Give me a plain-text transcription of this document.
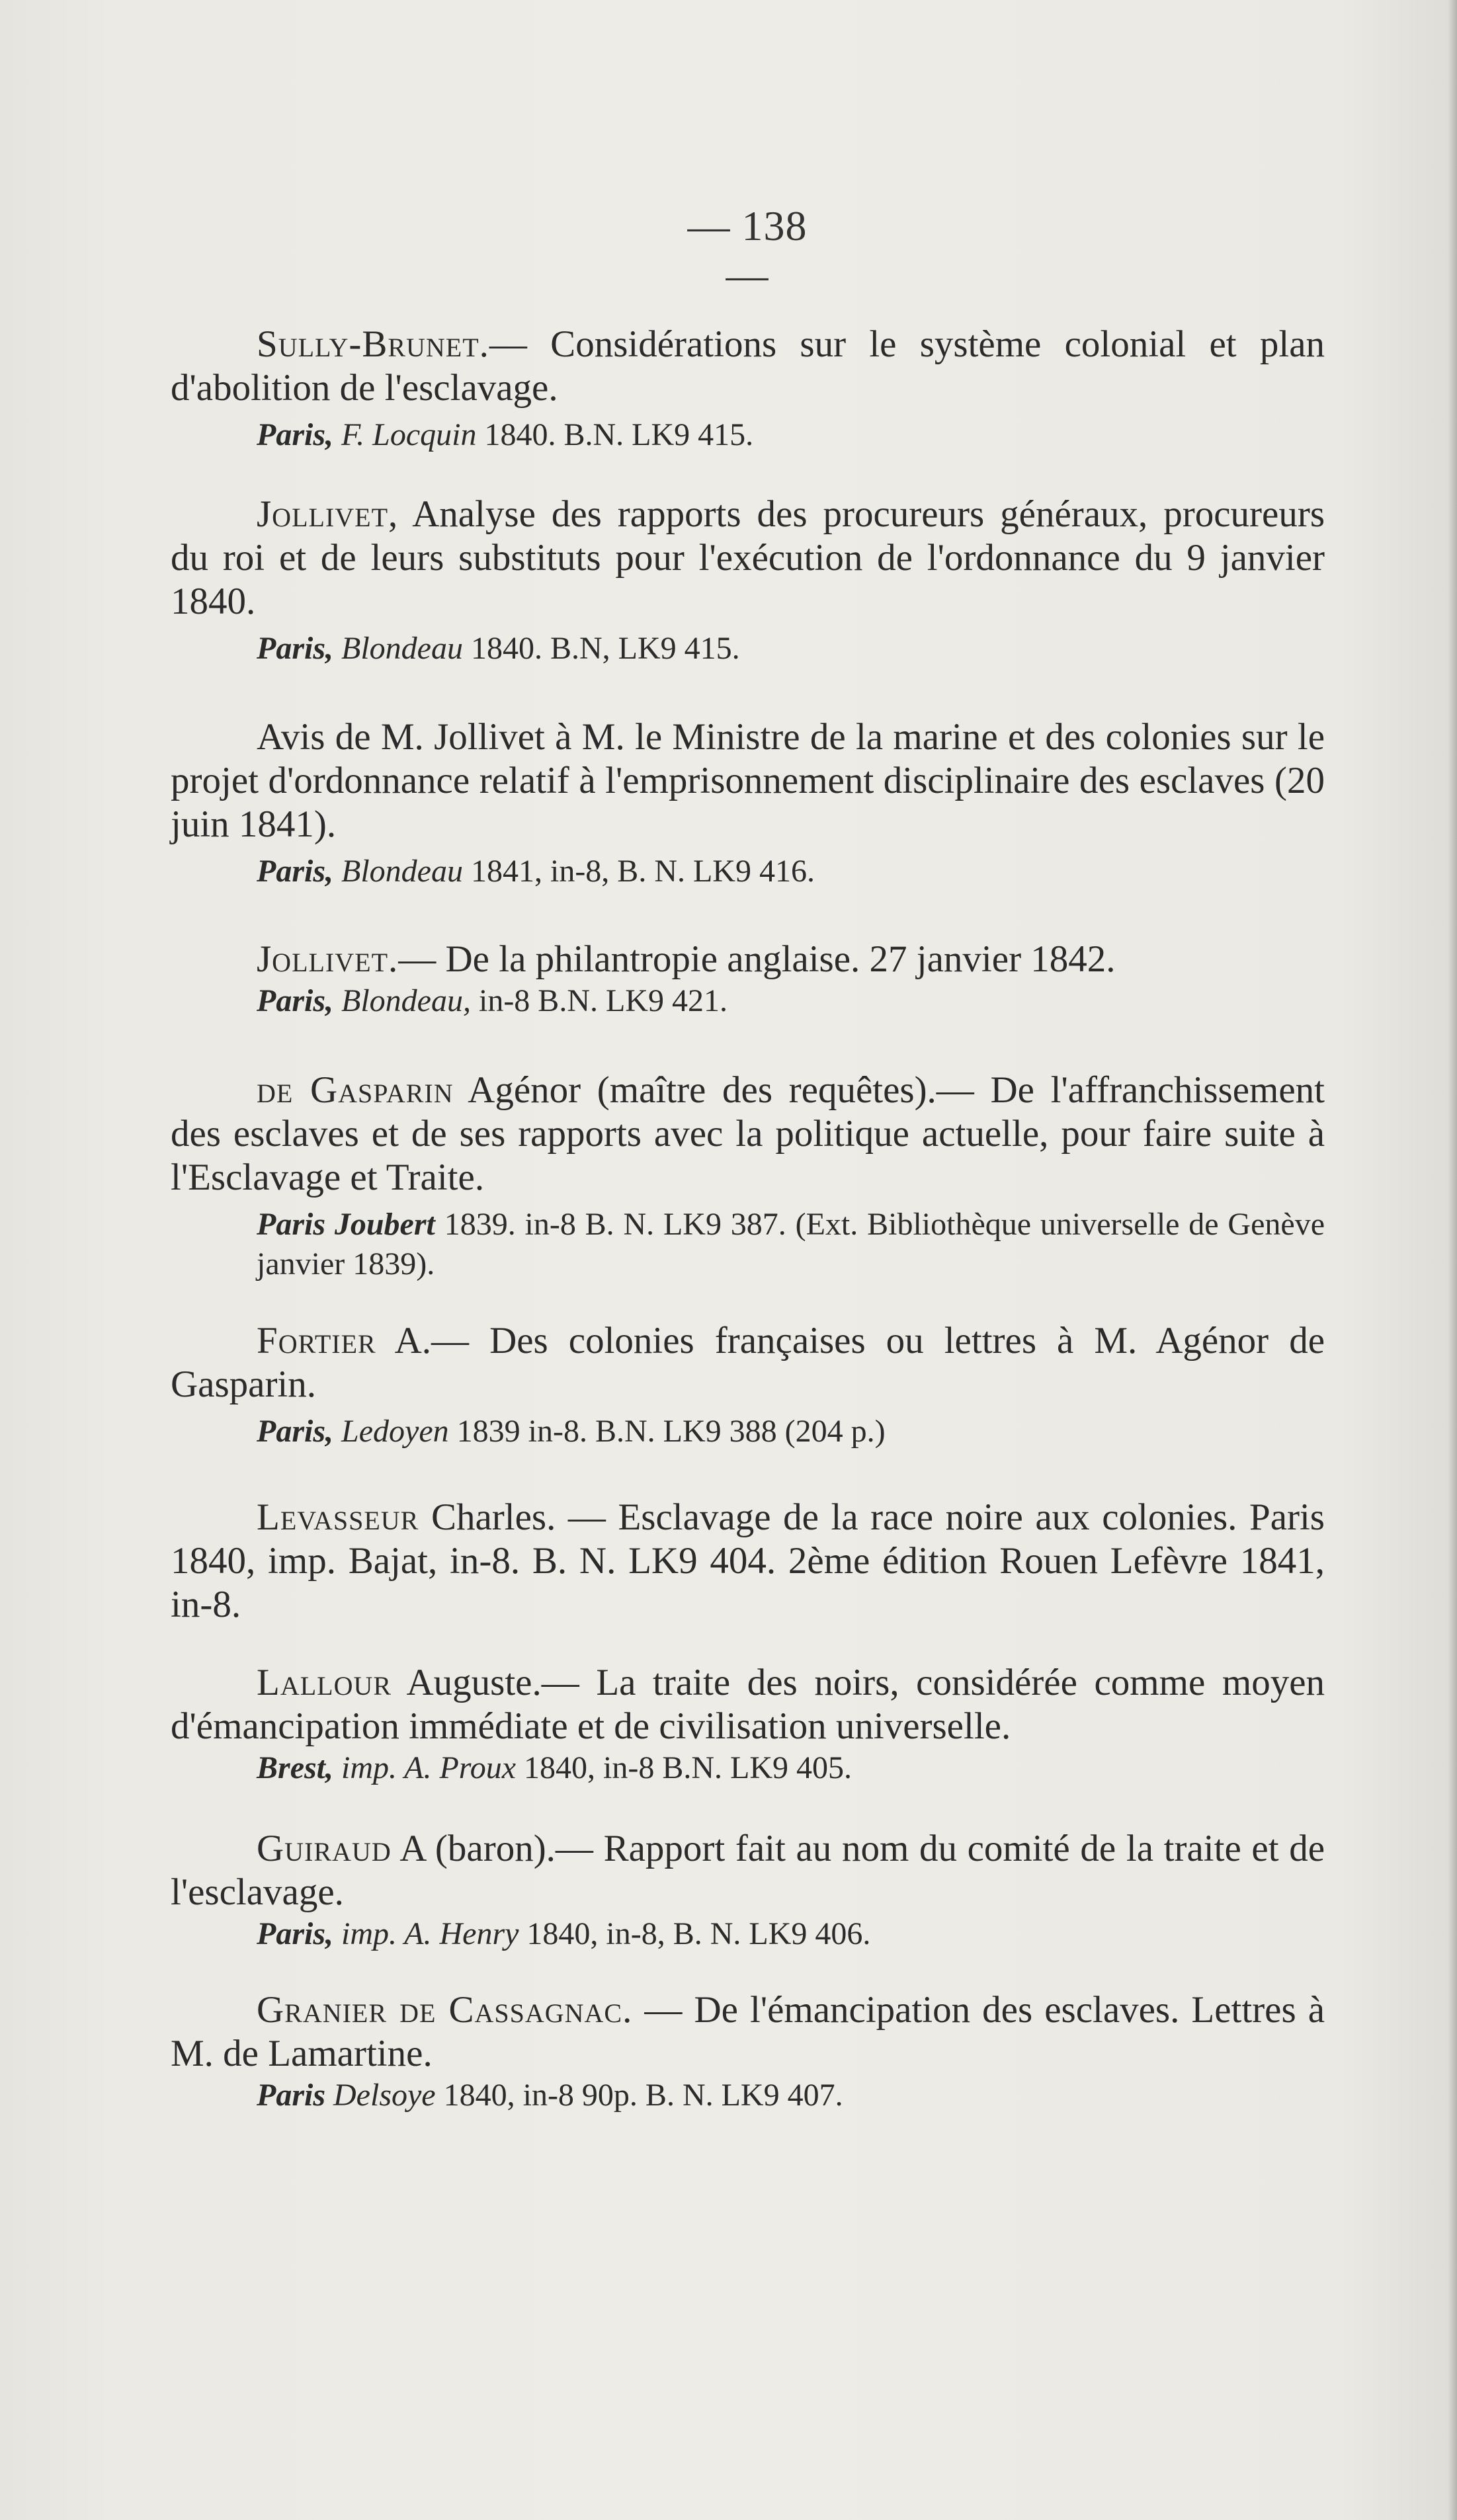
— 138 —
Sully-Brunet.— Considérations sur le système colonial et plan d'abolition de l'esclavage.
Paris, F. Locquin 1840. B.N. LK9 415.
Jollivet, Analyse des rapports des procureurs généraux, procureurs du roi et de leurs substituts pour l'exécution de l'ordonnance du 9 janvier 1840.
Paris, Blondeau 1840. B.N, LK9 415.
Avis de M. Jollivet à M. le Ministre de la marine et des colonies sur le projet d'ordonnance relatif à l'emprisonnement disciplinaire des esclaves (20 juin 1841).
Paris, Blondeau 1841, in-8, B. N. LK9 416.
Jollivet.— De la philantropie anglaise. 27 janvier 1842.
Paris, Blondeau, in-8 B.N. LK9 421.
de Gasparin Agénor (maître des requêtes).— De l'affranchissement des esclaves et de ses rapports avec la politique actuelle, pour faire suite à l'Esclavage et Traite.
Paris Joubert 1839. in-8 B. N. LK9 387. (Ext. Bibliothèque universelle de Genève janvier 1839).
Fortier A.— Des colonies françaises ou lettres à M. Agénor de Gasparin.
Paris, Ledoyen 1839 in-8. B.N. LK9 388 (204 p.)
Levasseur Charles. — Esclavage de la race noire aux colonies. Paris 1840, imp. Bajat, in-8. B. N. LK9 404. 2ème édition Rouen Lefèvre 1841, in-8.
Lallour Auguste.— La traite des noirs, considérée comme moyen d'émancipation immédiate et de civilisation universelle.
Brest, imp. A. Proux 1840, in-8 B.N. LK9 405.
Guiraud A (baron).— Rapport fait au nom du comité de la traite et de l'esclavage.
Paris, imp. A. Henry 1840, in-8, B. N. LK9 406.
Granier de Cassagnac. — De l'émancipation des esclaves. Lettres à M. de Lamartine.
Paris Delsoye 1840, in-8 90p. B. N. LK9 407.
